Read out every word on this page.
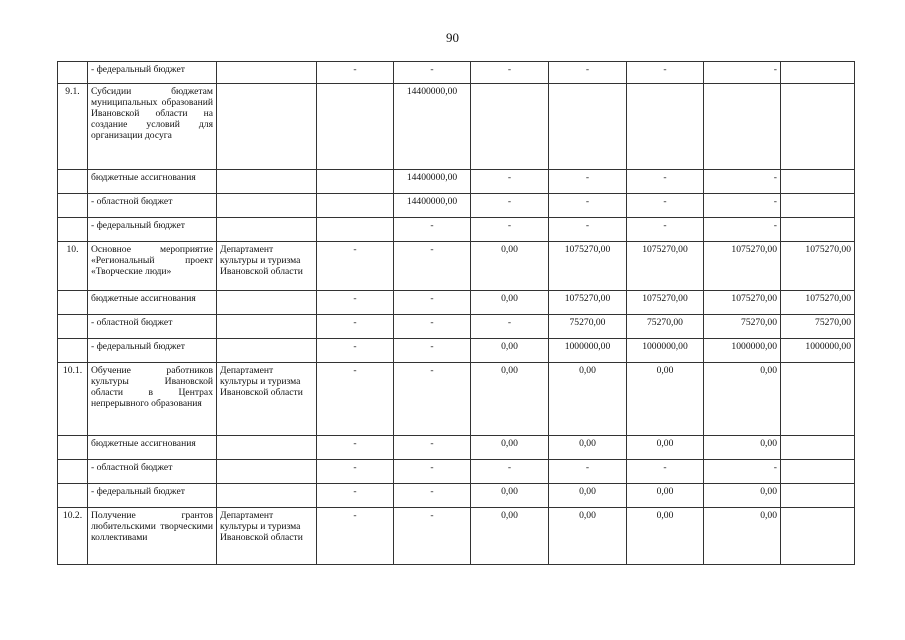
90
	- федеральный бюджет		-	-	-	-	-	-	
9.1.	Субсидии бюджетам муниципальных образований Ивановской области на создание условий для организации досуга			14400000,00					
	бюджетные ассигнования			14400000,00	-	-	-	-	
	- областной бюджет			14400000,00	-	-	-	-	
	- федеральный бюджет			-	-	-	-	-	
10.	Основное мероприятие «Региональный проект «Творческие люди»	Департамент культуры и туризма Ивановской области	-	-	0,00	1075270,00	1075270,00	1075270,00	1075270,00
	бюджетные ассигнования		-	-	0,00	1075270,00	1075270,00	1075270,00	1075270,00
	- областной бюджет		-	-	-	75270,00	75270,00	75270,00	75270,00
	- федеральный бюджет		-	-	0,00	1000000,00	1000000,00	1000000,00	1000000,00
10.1.	Обучение работников культуры Ивановской области в Центрах непрерывного образования	Департамент культуры и туризма Ивановской области	-	-	0,00	0,00	0,00	0,00	
	бюджетные ассигнования		-	-	0,00	0,00	0,00	0,00	
	- областной бюджет		-	-	-	-	-	-	
	- федеральный бюджет		-	-	0,00	0,00	0,00	0,00	
10.2.	Получение грантов любительскими творческими коллективами	Департамент культуры и туризма Ивановской области	-	-	0,00	0,00	0,00	0,00	
